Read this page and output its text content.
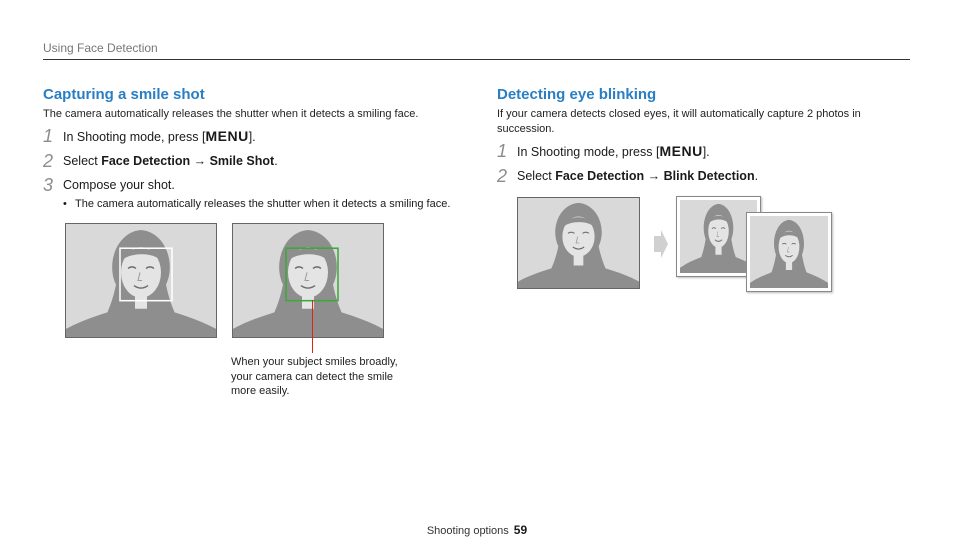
Using Face Detection
Capturing a smile shot
The camera automatically releases the shutter when it detects a smiling face.
1 In Shooting mode, press [MENU].
2 Select Face Detection → Smile Shot.
3 Compose your shot.
• The camera automatically releases the shutter when it detects a smiling face.
When your subject smiles broadly, your camera can detect the smile more easily.
Detecting eye blinking
If your camera detects closed eyes, it will automatically capture 2 photos in succession.
1 In Shooting mode, press [MENU].
2 Select Face Detection → Blink Detection.
Shooting options 59
